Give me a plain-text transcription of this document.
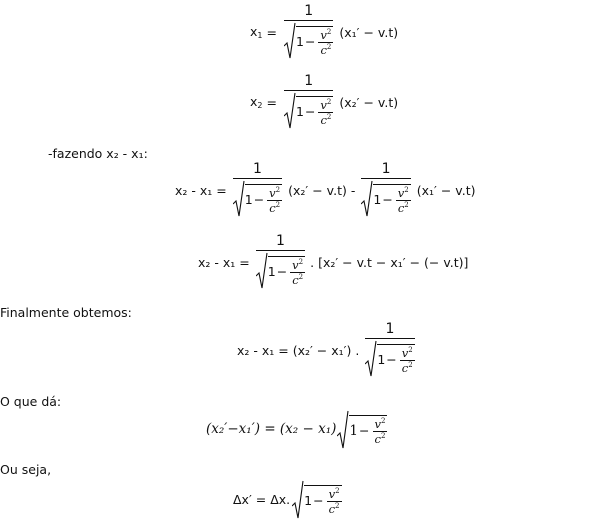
$x_1 = \frac{1}{1 - \frac{v^2}{c^2}} (x_1' - v.t)$
$x_2 = \frac{1}{1 - \frac{v^2}{c^2}} (x_2' - v.t)$
-fazendo x₂ - x₁:
$x_2 - x_1 = \frac{1}{1 - \frac{v^2}{c^2}} (x_2' - v.t) - \frac{1}{1 - \frac{v^2}{c^2}} (x_1' - v.t)$
$x_2 - x_1 = \frac{1}{1 - \frac{v^2}{c^2}}$ . [x₂′ − v.t − x₁′ − (− v.t)]
Finalmente obtemos:
x₂ - x₁ = (x₂′ − x₁′) . $\frac{1}{1 - \frac{v^2}{c^2}}$
O que dá:
(x₂′−x₁′) = (x₂ − x₁) $1 - \frac{v^2}{c^2}$
Ou seja,
Δx′ = Δx. $1 - \frac{v^2}{c^2}$
